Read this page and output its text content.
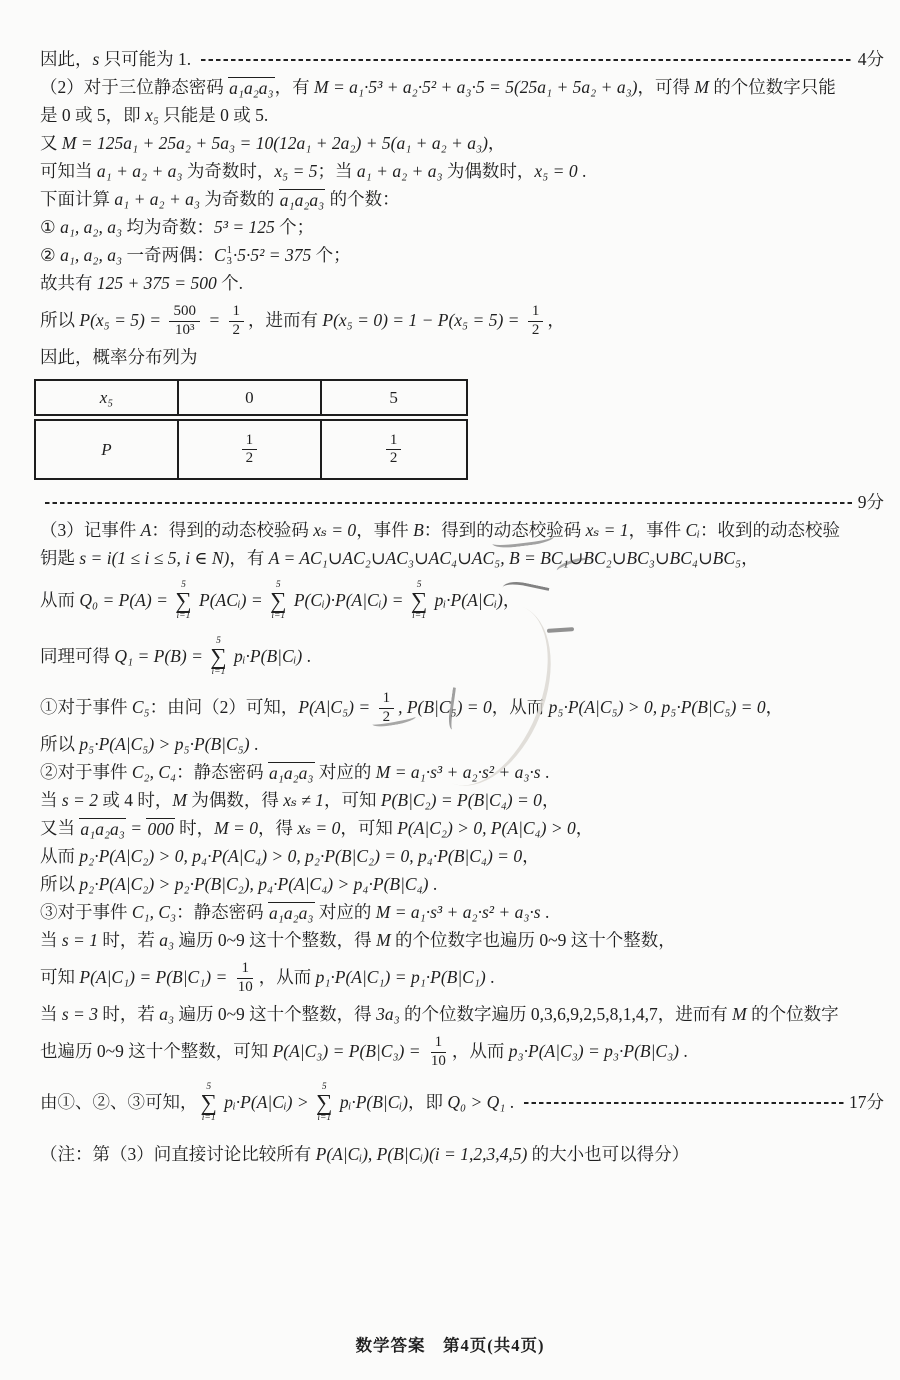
因此， s 只可能为 1.	4分
（2）对于三位静态密码 a₁a₂a₃ ，有 M = a₁·5³ + a₂·5² + a₃·5 = 5(25a₁ + 5a₂ + a₃) ，可得 M 的个位数字只能
是 0 或 5，即 x₅ 只能是 0 或 5.
又 M = 125a₁ + 25a₂ + 5a₃ = 10(12a₁ + 2a₂) + 5(a₁ + a₂ + a₃) ，
可知当 a₁ + a₂ + a₃ 为奇数时， x₅ = 5 ；当 a₁ + a₂ + a₃ 为偶数时， x₅ = 0 .
下面计算 a₁ + a₂ + a₃ 为奇数的 a₁a₂a₃ 的个数：
① a₁, a₂, a₃ 均为奇数： 5³ = 125 个；
② a₁, a₂, a₃ 一奇两偶： C 1
3 ·5·5² = 375 个；
故共有 125 + 375 = 500 个.
所以 $P(x_5 = 5) = \frac{500}{\text{10³}} = \frac{1}{2}$ ，进而有 $P(x_5 = 0) = 1 - P(x_5 = 5) = \frac{1}{2}$ ，
因此，概率分布列为
x₅	0	5
P	$\frac{1}{2}$	$\frac{1}{2}$
9分
（3）记事件 A ：得到的动态校验码 xₛ = 0 ，事件 B ：得到的动态校验码 xₛ = 1 ，事件 Cᵢ ：收到的动态校验
钥匙 s = i(1 ≤ i ≤ 5, i ∈ N) ，有 A = AC₁∪AC₂∪AC₃∪AC₄∪AC₅, B = BC₁∪BC₂∪BC₃∪BC₄∪BC₅ ，
从而 Q₀ = P(A) =
5
∑
i=1
P(ACᵢ) =
5
∑
i=1
P(Cᵢ)·P(A|Cᵢ) =
5
∑
i=1
pᵢ·P(A|Cᵢ) ，
同理可得 Q₁ = P(B) =
5
∑
i=1
pᵢ·P(B|Cᵢ) .
①对于事件 C₅ ：由问（2）可知， $P(A|C_5) = \frac{1}{2}$ , P(B|C₅) = 0 ，从而 p₅·P(A|C₅) > 0, p₅·P(B|C₅) = 0 ，
所以 p₅·P(A|C₅) > p₅·P(B|C₅) .
②对于事件 C₂, C₄ ：静态密码 a₁a₂a₃ 对应的 M = a₁·s³ + a₂·s² + a₃·s .
当 s = 2 或 4 时， M 为偶数，得 xₛ ≠ 1 ，可知 P(B|C₂) = P(B|C₄) = 0 ，
又当 a₁a₂a₃ = 000 时， M = 0 ，得 xₛ = 0 ，可知 P(A|C₂) > 0, P(A|C₄) > 0 ，
从而 p₂·P(A|C₂) > 0, p₄·P(A|C₄) > 0, p₂·P(B|C₂) = 0, p₄·P(B|C₄) = 0 ，
所以 p₂·P(A|C₂) > p₂·P(B|C₂), p₄·P(A|C₄) > p₄·P(B|C₄) .
③对于事件 C₁, C₃ ：静态密码 a₁a₂a₃ 对应的 M = a₁·s³ + a₂·s² + a₃·s .
当 s = 1 时，若 a₃ 遍历 0~9 这十个整数，得 M 的个位数字也遍历 0~9 这十个整数，
可知 $P(A|C_1) = P(B|C_1) = \frac{1}{10}$ ，从而 p₁·P(A|C₁) = p₁·P(B|C₁) .
当 s = 3 时，若 a₃ 遍历 0~9 这十个整数，得 3a₃ 的个位数字遍历 0,3,6,9,2,5,8,1,4,7，进而有 M 的个位数字
也遍历 0~9 这十个整数，可知 $P(A|C_3) = P(B|C_3) = \frac{1}{10}$ ，从而 p₃·P(A|C₃) = p₃·P(B|C₃) .
由①、②、③可知，
5
∑
i=1
pᵢ·P(A|Cᵢ) >
5
∑
i=1
pᵢ·P(B|Cᵢ) ，即 Q₀ > Q₁ .	17分
（注：第（3）问直接讨论比较所有 P(A|Cᵢ), P(B|Cᵢ)(i = 1,2,3,4,5) 的大小也可以得分）
数学答案　第4页(共4页)
